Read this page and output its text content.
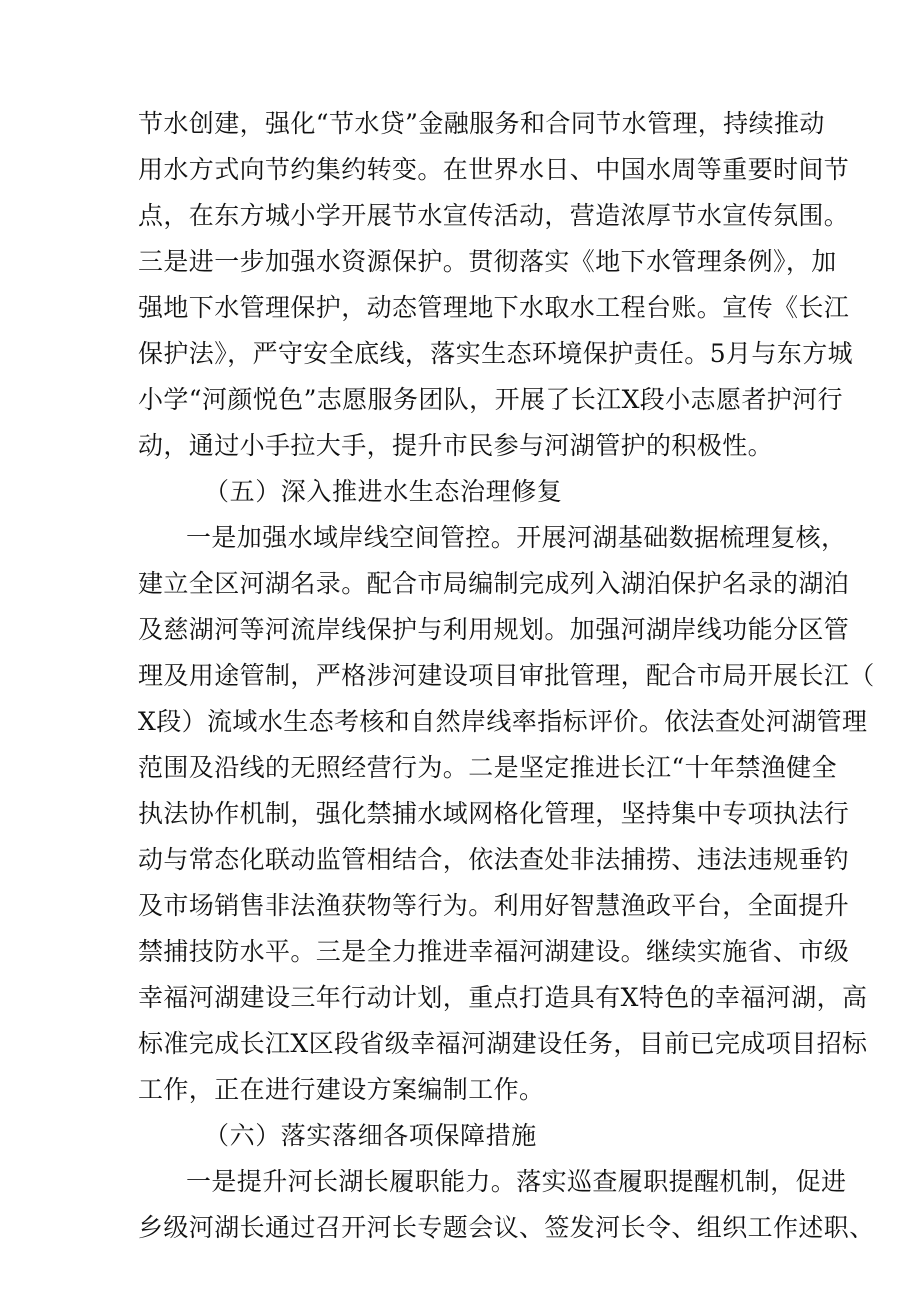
节水创建，强化“节水贷”金融服务和合同节水管理，持续推动
用水方式向节约集约转变。在世界水日、中国水周等重要时间节
点，在东方城小学开展节水宣传活动，营造浓厚节水宣传氛围。
三是进一步加强水资源保护。贯彻落实《地下水管理条例》，加
强地下水管理保护，动态管理地下水取水工程台账。宣传《长江
保护法》，严守安全底线，落实生态环境保护责任。5月与东方城
小学“河颜悦色”志愿服务团队，开展了长江X段小志愿者护河行
动，通过小手拉大手，提升市民参与河湖管护的积极性。
（五）深入推进水生态治理修复
一是加强水域岸线空间管控。开展河湖基础数据梳理复核，
建立全区河湖名录。配合市局编制完成列入湖泊保护名录的湖泊
及慈湖河等河流岸线保护与利用规划。加强河湖岸线功能分区管
理及用途管制，严格涉河建设项目审批管理，配合市局开展长江（
X段）流域水生态考核和自然岸线率指标评价。依法查处河湖管理
范围及沿线的无照经营行为。二是坚定推进长江“十年禁渔健全
执法协作机制，强化禁捕水域网格化管理，坚持集中专项执法行
动与常态化联动监管相结合，依法查处非法捕捞、违法违规垂钓
及市场销售非法渔获物等行为。利用好智慧渔政平台，全面提升
禁捕技防水平。三是全力推进幸福河湖建设。继续实施省、市级
幸福河湖建设三年行动计划，重点打造具有X特色的幸福河湖，高
标准完成长江X区段省级幸福河湖建设任务，目前已完成项目招标
工作，正在进行建设方案编制工作。
（六）落实落细各项保障措施
一是提升河长湖长履职能力。落实巡查履职提醒机制，促进
乡级河湖长通过召开河长专题会议、签发河长令、组织工作述职、
